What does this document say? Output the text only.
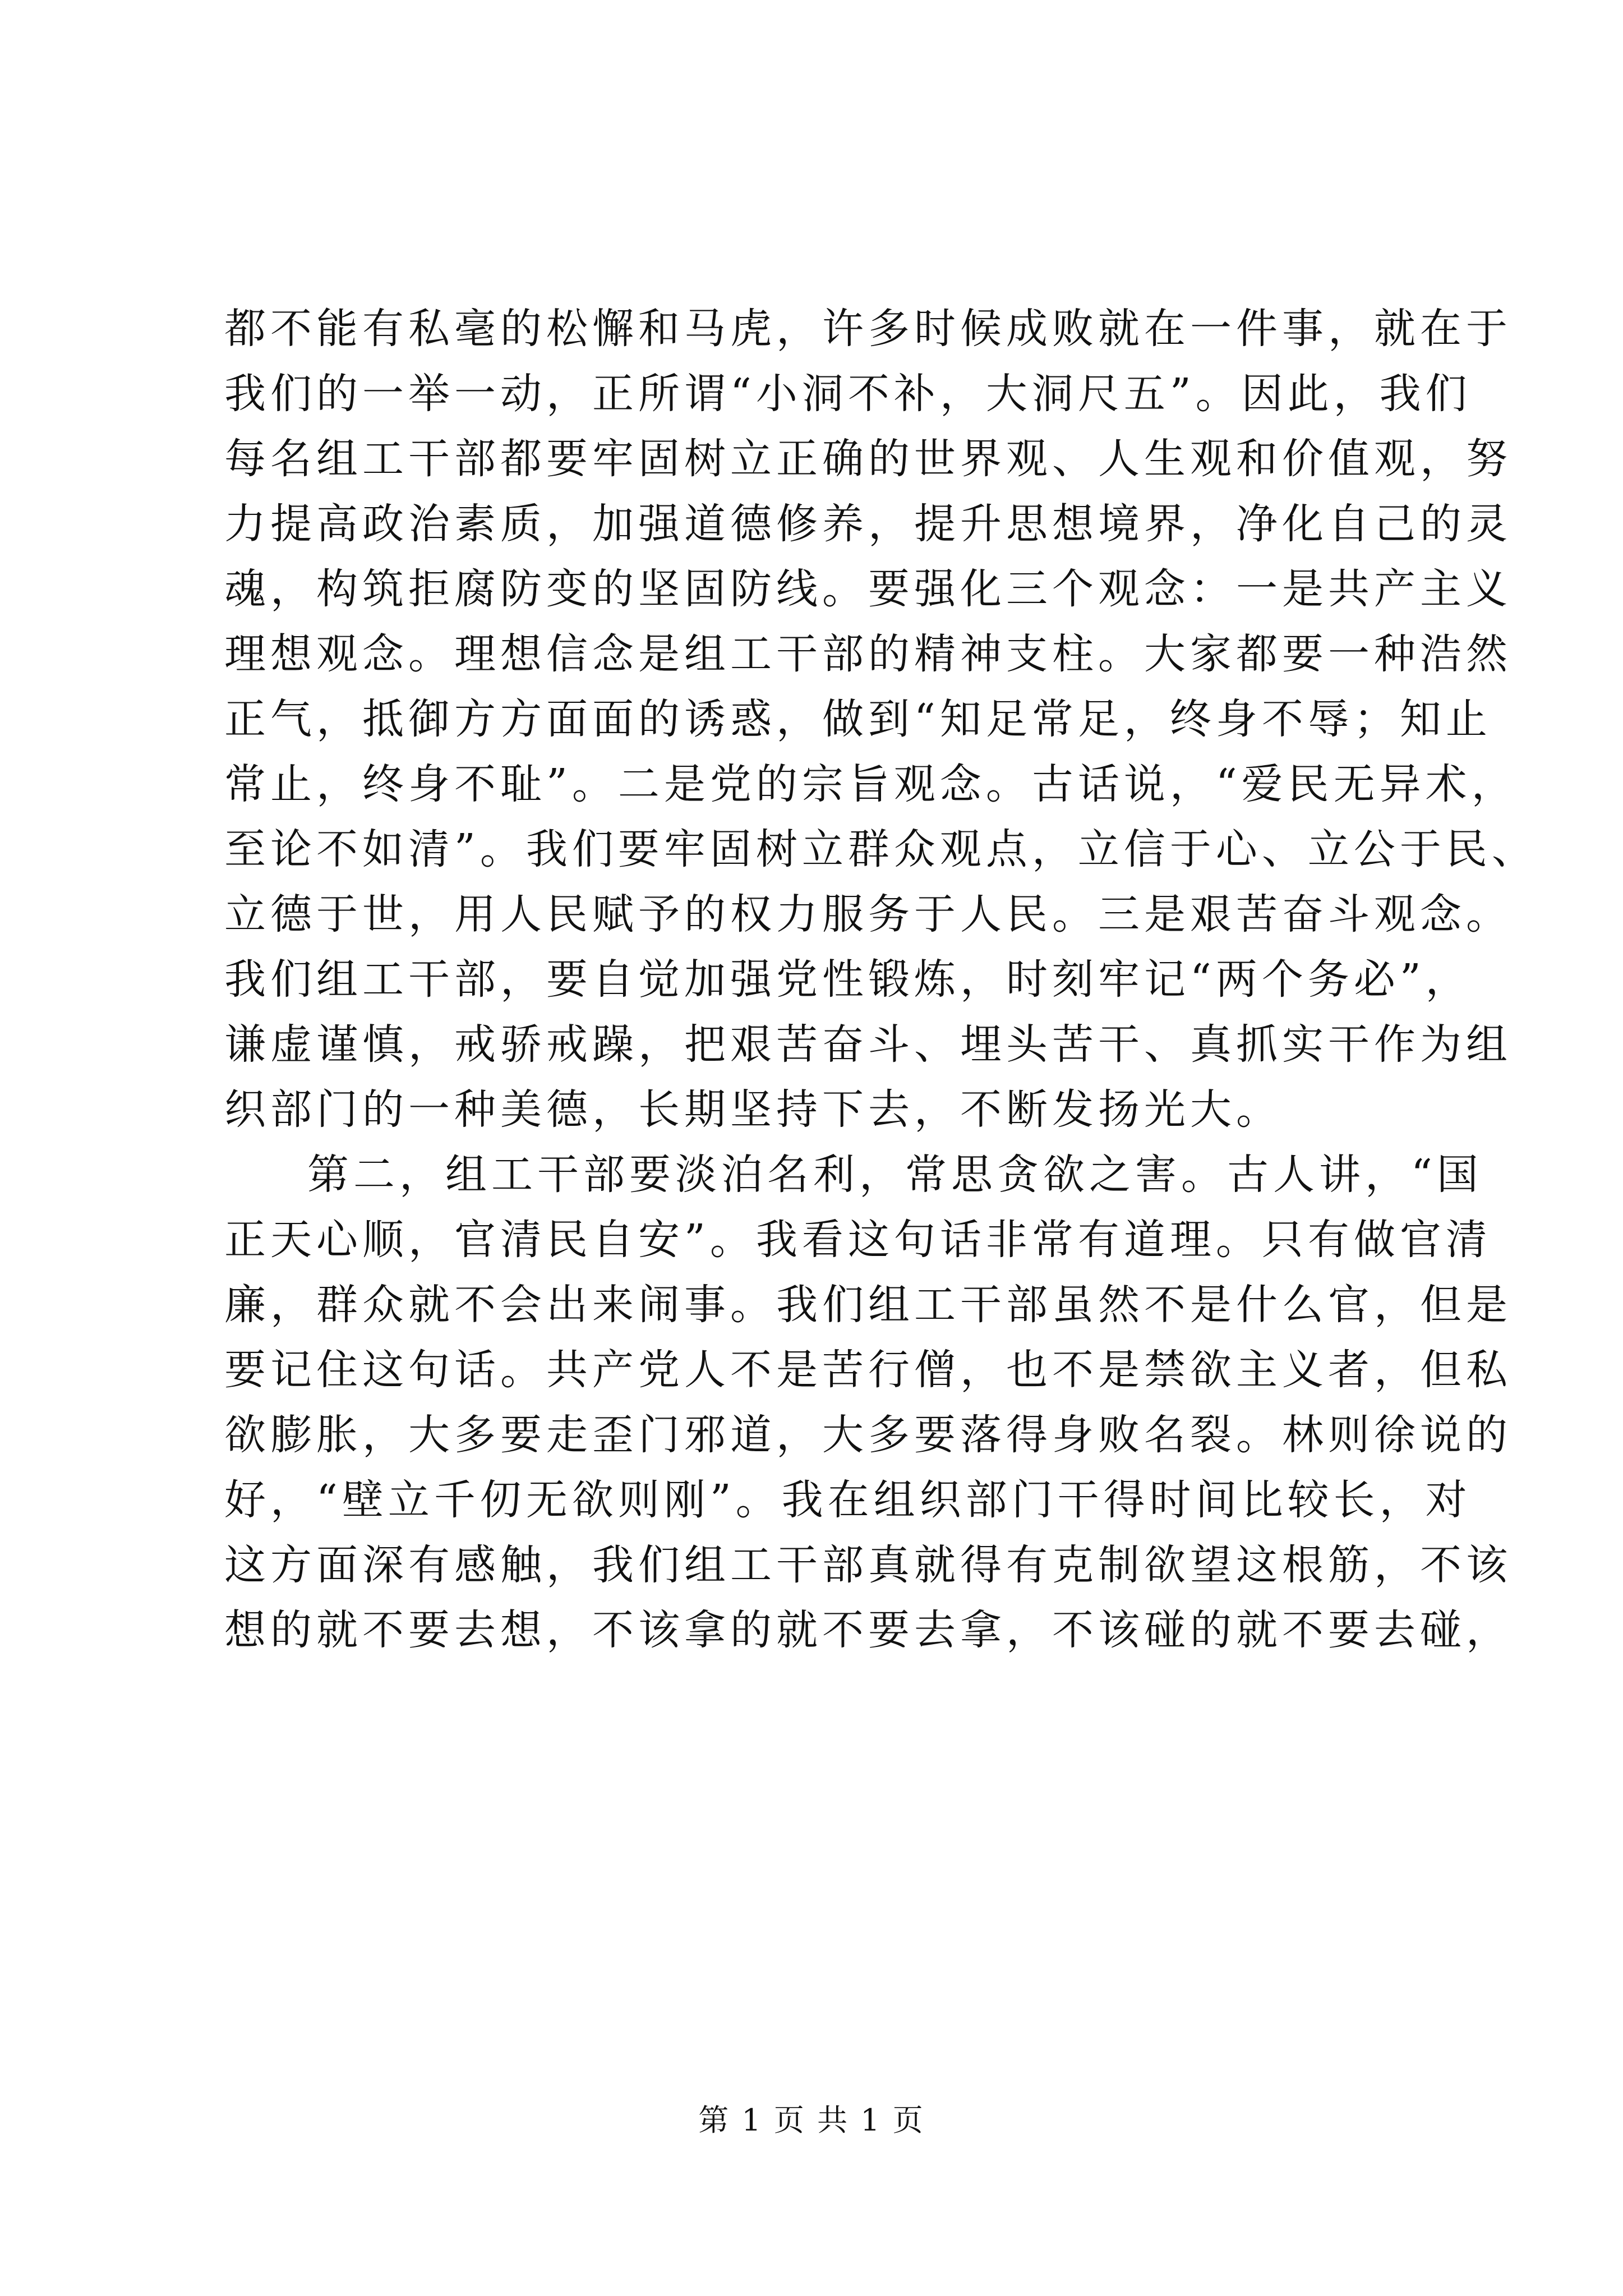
都不能有私毫的松懈和马虎，许多时候成败就在一件事，就在于
我们的一举一动，正所谓“小洞不补，大洞尺五”。因此，我们
每名组工干部都要牢固树立正确的世界观、人生观和价值观，努
力提高政治素质，加强道德修养，提升思想境界，净化自己的灵
魂，构筑拒腐防变的坚固防线。要强化三个观念：一是共产主义
理想观念。理想信念是组工干部的精神支柱。大家都要一种浩然
正气，抵御方方面面的诱惑，做到“知足常足，终身不辱；知止
常止，终身不耻”。二是党的宗旨观念。古话说，“爱民无异术，
至论不如清”。我们要牢固树立群众观点，立信于心、立公于民、
立德于世，用人民赋予的权力服务于人民。三是艰苦奋斗观念。
我们组工干部，要自觉加强党性锻炼，时刻牢记“两个务必”，
谦虚谨慎，戒骄戒躁，把艰苦奋斗、埋头苦干、真抓实干作为组
织部门的一种美德，长期坚持下去，不断发扬光大。
第二，组工干部要淡泊名利，常思贪欲之害。古人讲，“国
正天心顺，官清民自安”。我看这句话非常有道理。只有做官清
廉，群众就不会出来闹事。我们组工干部虽然不是什么官，但是
要记住这句话。共产党人不是苦行僧，也不是禁欲主义者，但私
欲膨胀，大多要走歪门邪道，大多要落得身败名裂。林则徐说的
好，“壁立千仞无欲则刚”。我在组织部门干得时间比较长，对
这方面深有感触，我们组工干部真就得有克制欲望这根筋，不该
想的就不要去想，不该拿的就不要去拿，不该碰的就不要去碰，
第 1 页 共 1 页
